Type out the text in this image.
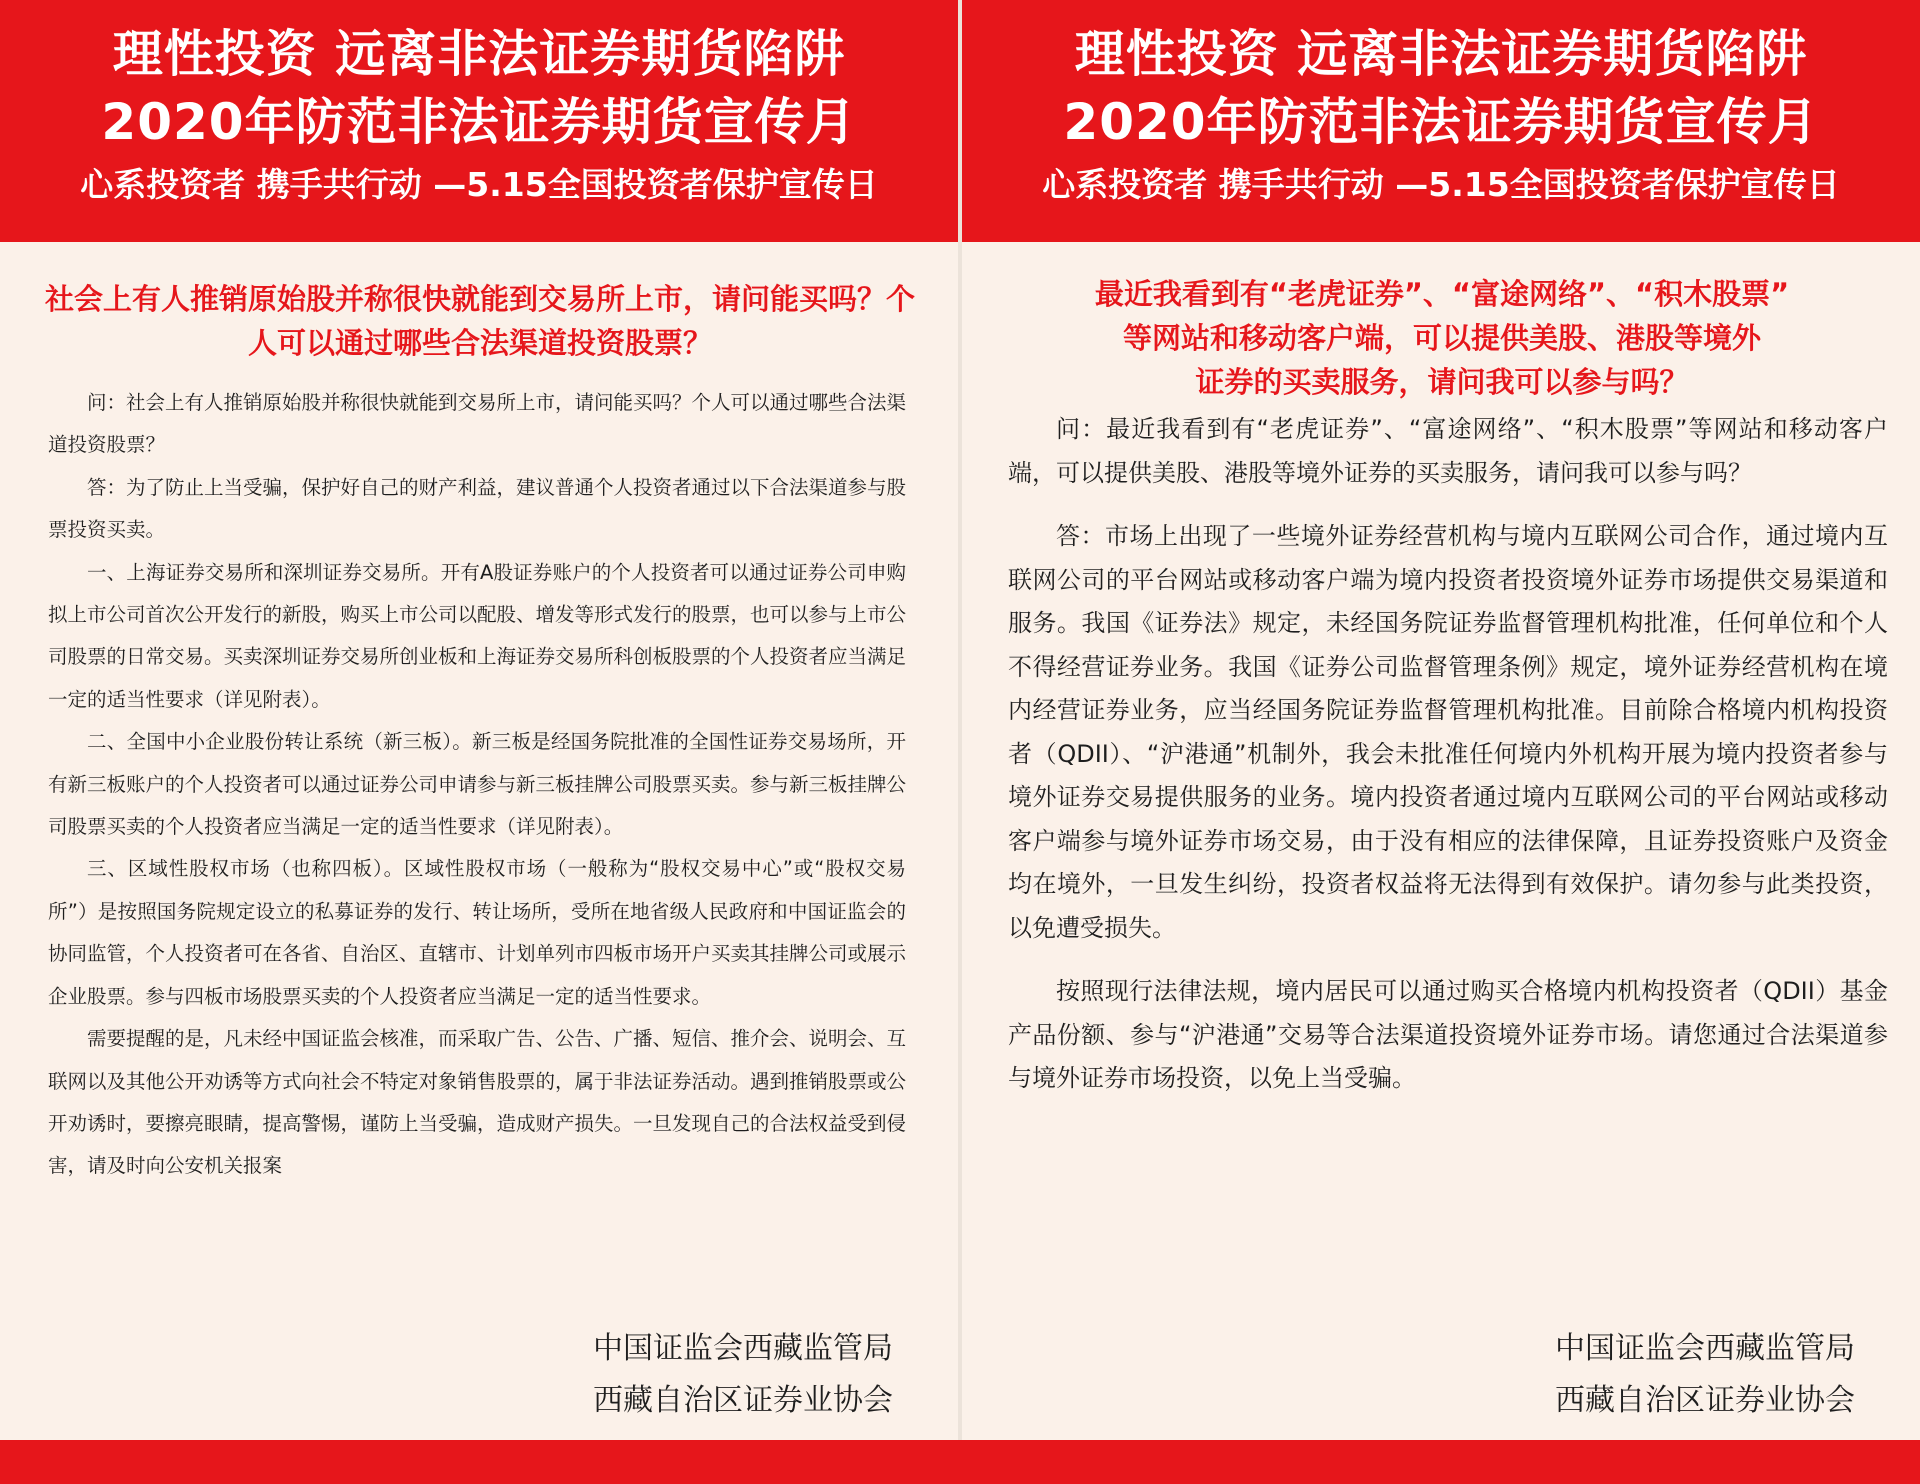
理性投资 远离非法证券期货陷阱
2020年防范非法证券期货宣传月
心系投资者 携手共行动 —5.15全国投资者保护宣传日
社会上有人推销原始股并称很快就能到交易所上市，请问能买吗？个人可以通过哪些合法渠道投资股票？

问：社会上有人推销原始股并称很快就能到交易所上市，请问能买吗？个人可以通过哪些合法渠道投资股票？

答：为了防止上当受骗，保护好自己的财产利益，建议普通个人投资者通过以下合法渠道参与股票投资买卖。

一、上海证券交易所和深圳证券交易所。开有A股证券账户的个人投资者可以通过证券公司申购拟上市公司首次公开发行的新股，购买上市公司以配股、增发等形式发行的股票，也可以参与上市公司股票的日常交易。买卖深圳证券交易所创业板和上海证券交易所科创板股票的个人投资者应当满足一定的适当性要求（详见附表）。

二、全国中小企业股份转让系统（新三板）。新三板是经国务院批准的全国性证券交易场所，开有新三板账户的个人投资者可以通过证券公司申请参与新三板挂牌公司股票买卖。参与新三板挂牌公司股票买卖的个人投资者应当满足一定的适当性要求（详见附表）。

三、区域性股权市场（也称四板）。区域性股权市场（一般称为“股权交易中心”或“股权交易所”）是按照国务院规定设立的私募证券的发行、转让场所，受所在地省级人民政府和中国证监会的协同监管，个人投资者可在各省、自治区、直辖市、计划单列市四板市场开户买卖其挂牌公司或展示企业股票。参与四板市场股票买卖的个人投资者应当满足一定的适当性要求。

需要提醒的是，凡未经中国证监会核准，而采取广告、公告、广播、短信、推介会、说明会、互联网以及其他公开劝诱等方式向社会不特定对象销售股票的，属于非法证券活动。遇到推销股票或公开劝诱时，要擦亮眼睛，提高警惕，谨防上当受骗，造成财产损失。一旦发现自己的合法权益受到侵害，请及时向公安机关报案

中国证监会西藏监管局
西藏自治区证券业协会
理性投资 远离非法证券期货陷阱
2020年防范非法证券期货宣传月
心系投资者 携手共行动 —5.15全国投资者保护宣传日
最近我看到有“老虎证券”、“富途网络”、“积木股票”
等网站和移动客户端，可以提供美股、港股等境外
证券的买卖服务，请问我可以参与吗？

问：最近我看到有“老虎证券”、“富途网络”、“积木股票”等网站和移动客户端，可以提供美股、港股等境外证券的买卖服务，请问我可以参与吗？

答：市场上出现了一些境外证券经营机构与境内互联网公司合作，通过境内互联网公司的平台网站或移动客户端为境内投资者投资境外证券市场提供交易渠道和服务。我国《证券法》规定，未经国务院证券监督管理机构批准，任何单位和个人不得经营证券业务。我国《证券公司监督管理条例》规定，境外证券经营机构在境内经营证券业务，应当经国务院证券监督管理机构批准。目前除合格境内机构投资者（QDII）、“沪港通”机制外，我会未批准任何境内外机构开展为境内投资者参与境外证券交易提供服务的业务。境内投资者通过境内互联网公司的平台网站或移动客户端参与境外证券市场交易，由于没有相应的法律保障，且证券投资账户及资金均在境外，一旦发生纠纷，投资者权益将无法得到有效保护。请勿参与此类投资，以免遭受损失。

按照现行法律法规，境内居民可以通过购买合格境内机构投资者（QDII）基金产品份额、参与“沪港通”交易等合法渠道投资境外证券市场。请您通过合法渠道参与境外证券市场投资，以免上当受骗。

中国证监会西藏监管局
西藏自治区证券业协会
